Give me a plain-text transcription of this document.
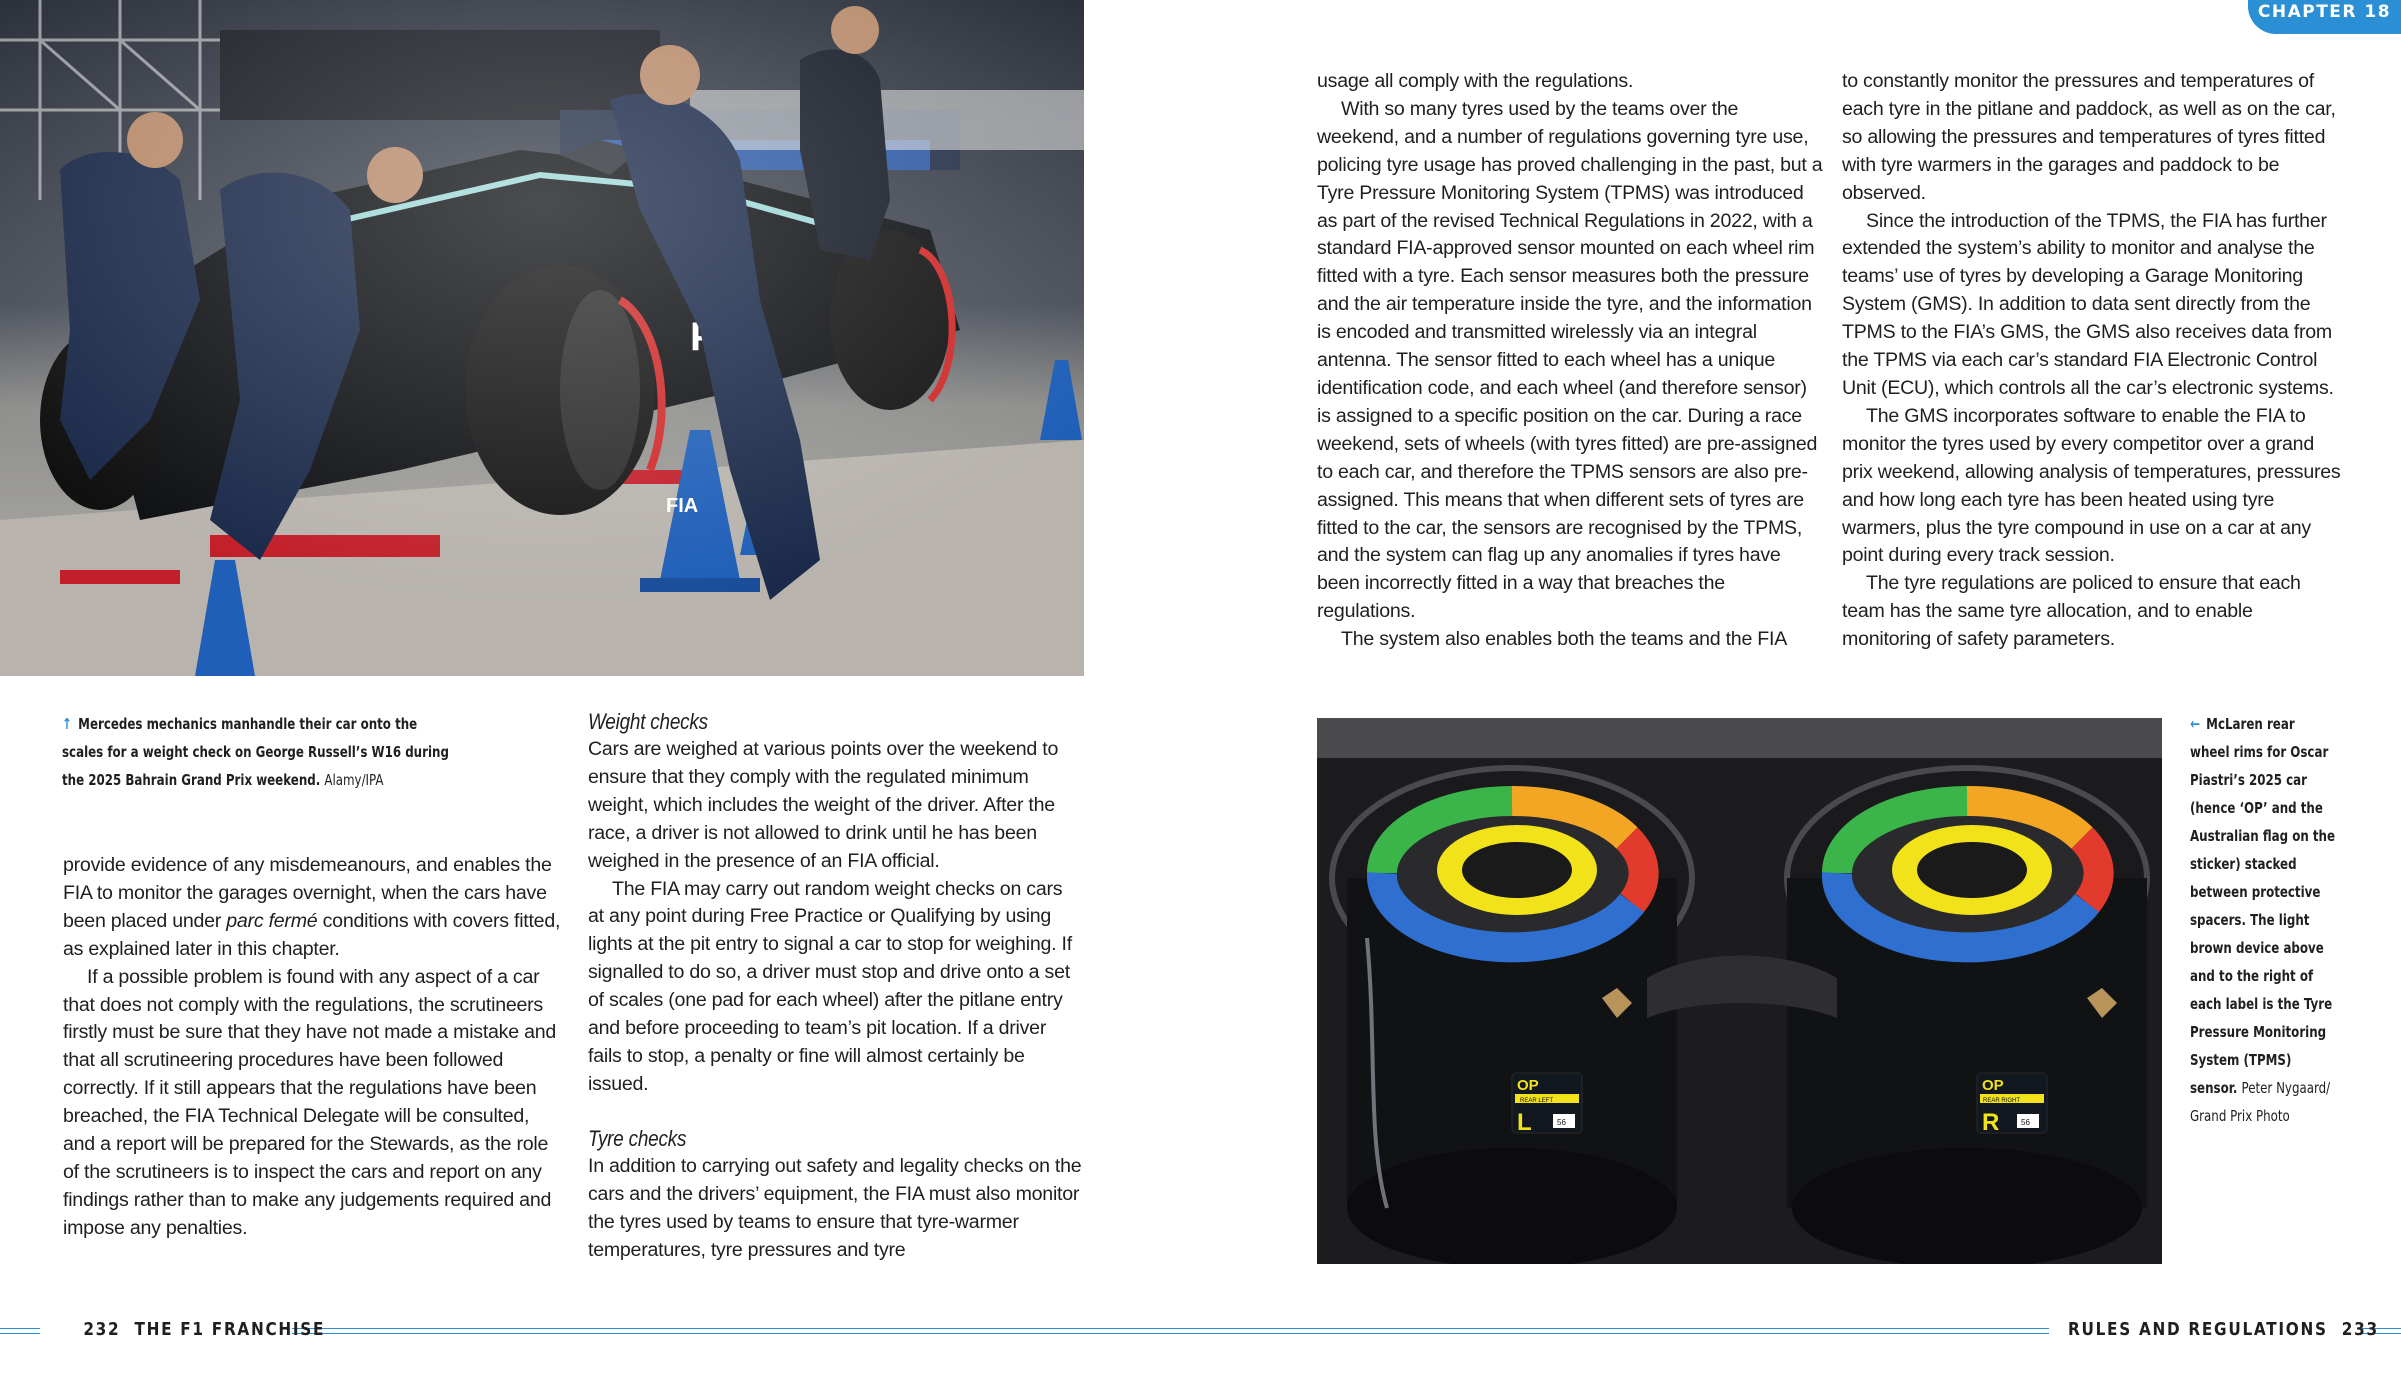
↑ Mercedes mechanics manhandle their car onto the scales for a weight check on George Russell’s W16 during the 2025 Bahrain Grand Prix weekend. Alamy/IPA

provide evidence of any misdemeanours, and enables the FIA to monitor the garages overnight, when the cars have been placed under parc fermé conditions with covers fitted, as explained later in this chapter.

If a possible problem is found with any aspect of a car that does not comply with the regulations, the scrutineers firstly must be sure that they have not made a mistake and that all scrutineering procedures have been followed correctly. If it still appears that the regulations have been breached, the FIA Technical Delegate will be consulted, and a report will be prepared for the Stewards, as the role of the scrutineers is to inspect the cars and report on any findings rather than to make any judgements required and impose any penalties.

Weight checks

Cars are weighed at various points over the weekend to ensure that they comply with the regulated minimum weight, which includes the weight of the driver. After the race, a driver is not allowed to drink until he has been weighed in the presence of an FIA official.

The FIA may carry out random weight checks on cars at any point during Free Practice or Qualifying by using lights at the pit entry to signal a car to stop for weighing. If signalled to do so, a driver must stop and drive onto a set of scales (one pad for each wheel) after the pitlane entry and before proceeding to team’s pit location. If a driver fails to stop, a penalty or fine will almost certainly be issued.

Tyre checks

In addition to carrying out safety and legality checks on the cars and the drivers’ equipment, the FIA must also monitor the tyres used by teams to ensure that tyre-warmer temperatures, tyre pressures and tyre

usage all comply with the regulations.

With so many tyres used by the teams over the weekend, and a number of regulations governing tyre use, policing tyre usage has proved challenging in the past, but a Tyre Pressure Monitoring System (TPMS) was introduced as part of the revised Technical Regulations in 2022, with a standard FIA-approved sensor mounted on each wheel rim fitted with a tyre. Each sensor measures both the pressure and the air temperature inside the tyre, and the information is encoded and transmitted wirelessly via an integral antenna. The sensor fitted to each wheel has a unique identification code, and each wheel (and therefore sensor) is assigned to a specific position on the car. During a race weekend, sets of wheels (with tyres fitted) are pre-assigned to each car, and therefore the TPMS sensors are also pre-assigned. This means that when different sets of tyres are fitted to the car, the sensors are recognised by the TPMS, and the system can flag up any anomalies if tyres have been incorrectly fitted in a way that breaches the regulations.

The system also enables both the teams and the FIA

to constantly monitor the pressures and temperatures of each tyre in the pitlane and paddock, as well as on the car, so allowing the pressures and temperatures of tyres fitted with tyre warmers in the garages and paddock to be observed.

Since the introduction of the TPMS, the FIA has further extended the system’s ability to monitor and analyse the teams’ use of tyres by developing a Garage Monitoring System (GMS). In addition to data sent directly from the TPMS to the FIA’s GMS, the GMS also receives data from the TPMS via each car’s standard FIA Electronic Control Unit (ECU), which controls all the car’s electronic systems.

The GMS incorporates software to enable the FIA to monitor the tyres used by every competitor over a grand prix weekend, allowing analysis of temperatures, pressures and how long each tyre has been heated using tyre warmers, plus the tyre compound in use on a car at any point during every track session.

The tyre regulations are policed to ensure that each team has the same tyre allocation, and to enable monitoring of safety parameters.

OP
REAR LEFT
L	56
OP
REAR RIGHT
R	56
← McLaren rear wheel rims for Oscar Piastri’s 2025 car (hence ‘OP’ and the Australian flag on the sticker) stacked between protective spacers. The light brown device above and to the right of each label is the Tyre Pressure Monitoring System (TPMS) sensor. Peter Nygaard/ Grand Prix Photo
CHAPTER 18
232 THE F1 FRANCHISE	RULES AND REGULATIONS 233
